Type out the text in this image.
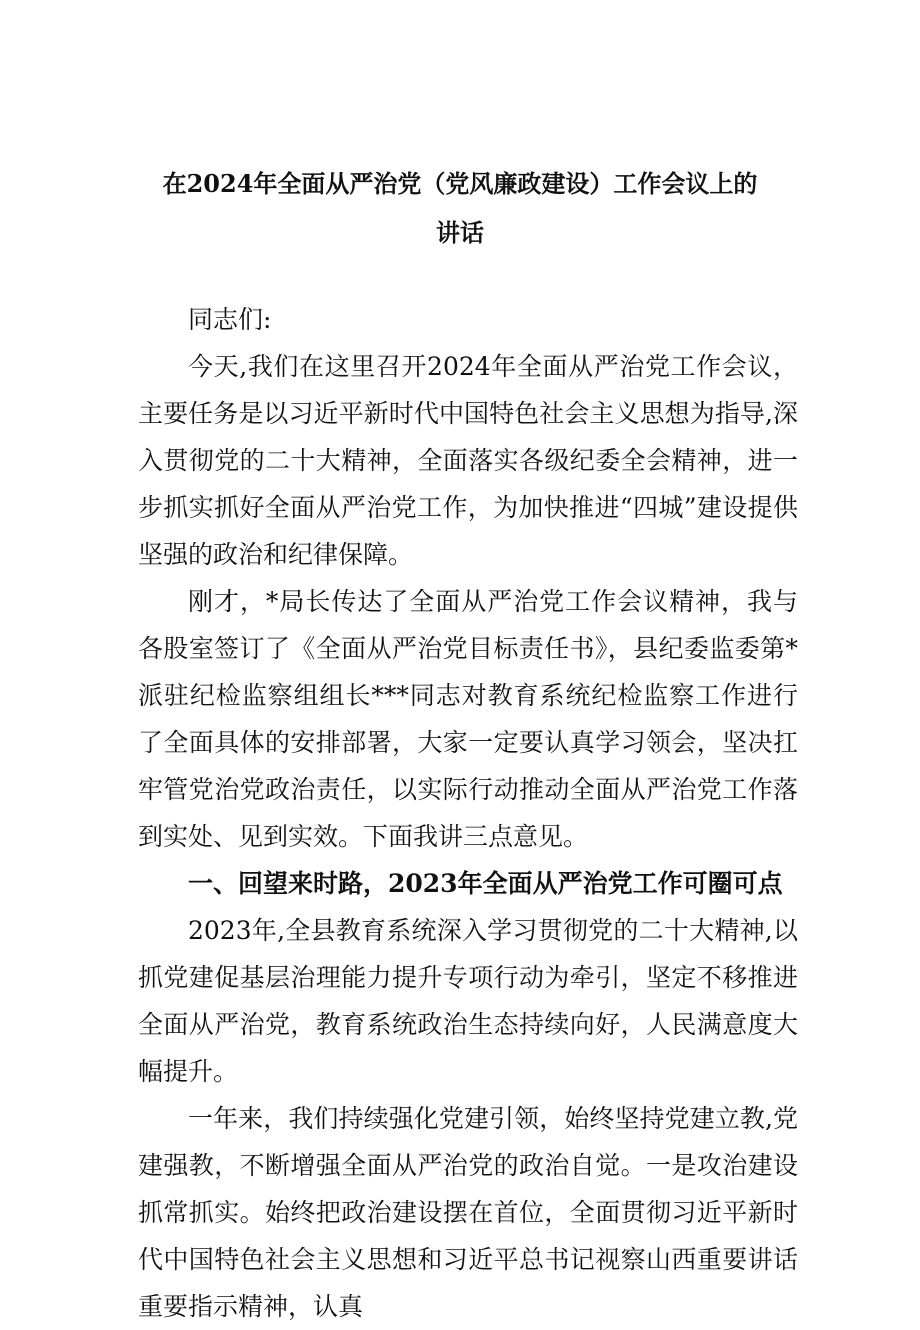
在2024年全面从严治党（党风廉政建设）工作会议上的
讲话

同志们:

今天,我们在这里召开2024年全面从严治党工作会议，主要任务是以习近平新时代中国特色社会主义思想为指导,深入贯彻党的二十大精神，全面落实各级纪委全会精神，进一步抓实抓好全面从严治党工作，为加快推进“四城”建设提供坚强的政治和纪律保障。

刚才，*局长传达了全面从严治党工作会议精神，我与各股室签订了《全面从严治党目标责任书》，县纪委监委第*派驻纪检监察组组长***同志对教育系统纪检监察工作进行了全面具体的安排部署，大家一定要认真学习领会，坚决扛牢管党治党政治责任，以实际行动推动全面从严治党工作落到实处、见到实效。下面我讲三点意见。

一、回望来时路，2023年全面从严治党工作可圈可点

2023年,全县教育系统深入学习贯彻党的二十大精神,以抓党建促基层治理能力提升专项行动为牵引，坚定不移推进全面从严治党，教育系统政治生态持续向好，人民满意度大幅提升。

一年来，我们持续强化党建引领，始终坚持党建立教,党建强教，不断增强全面从严治党的政治自觉。一是攻治建设抓常抓实。始终把政治建设摆在首位，全面贯彻习近平新时代中国特色社会主义思想和习近平总书记视察山西重要讲话重要指示精神，认真
